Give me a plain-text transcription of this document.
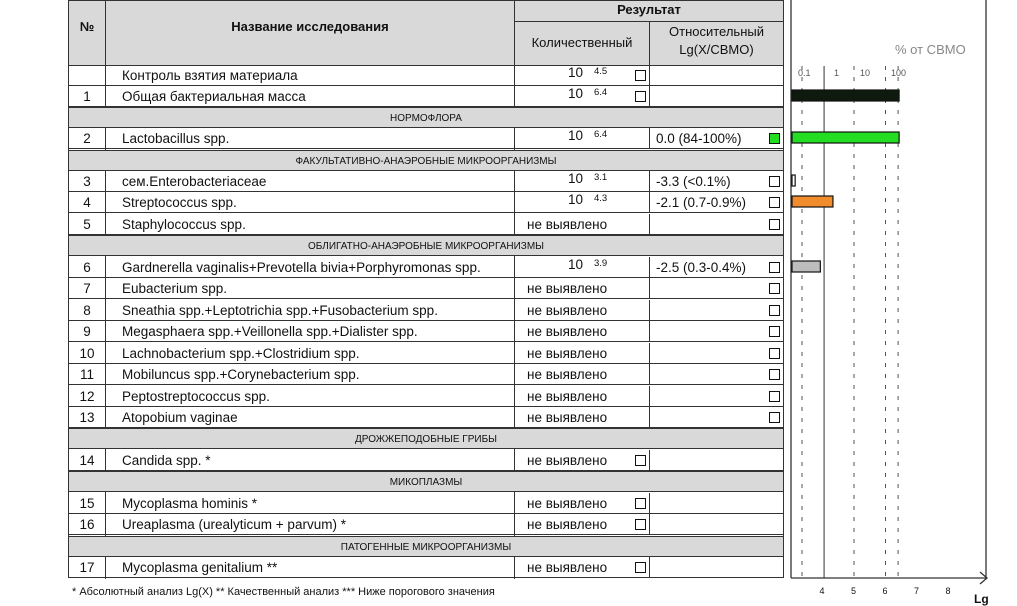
№	Название исследования
Результат
Количественный
Относительный
Lg(X/СВМО)
Контроль взятия материала	10 4.5
1	Общая бактериальная масса	10 6.4
НОРМОФЛОРА
2	Lactobacillus spp.	10 6.4	0.0 (84-100%)
ФАКУЛЬТАТИВНО-АНАЭРОБНЫЕ МИКРООРГАНИЗМЫ
3	сем.Enterobacteriaceae	10 3.1	-3.3 (<0.1%)
4	Streptococcus spp.	10 4.3	-2.1 (0.7-0.9%)
5	Staphylococcus spp.	не выявлено
ОБЛИГАТНО-АНАЭРОБНЫЕ МИКРООРГАНИЗМЫ
6	Gardnerella vaginalis+Prevotella bivia+Porphyromonas spp.	10 3.9	-2.5 (0.3-0.4%)
7	Eubacterium spp.	не выявлено
8	Sneathia spp.+Leptotrichia spp.+Fusobacterium spp.	не выявлено
9	Megasphaera spp.+Veillonella spp.+Dialister spp.	не выявлено
10	Lachnobacterium spp.+Clostridium spp.	не выявлено
11	Mobiluncus spp.+Corynebacterium spp.	не выявлено
12	Peptostreptococcus spp.	не выявлено
13	Atopobium vaginae	не выявлено
ДРОЖЖЕПОДОБНЫЕ ГРИБЫ
14	Candida spp. *	не выявлено
МИКОПЛАЗМЫ
15	Mycoplasma hominis *	не выявлено
16	Ureaplasma (urealyticum + parvum) *	не выявлено
ПАТОГЕННЫЕ МИКРООРГАНИЗМЫ
17	Mycoplasma genitalium **	не выявлено
% от СВМО
0.1	1 10 100
4	5	6	7	8
Lg
* Абсолютный анализ Lg(X) ** Качественный анализ *** Ниже порогового значения
